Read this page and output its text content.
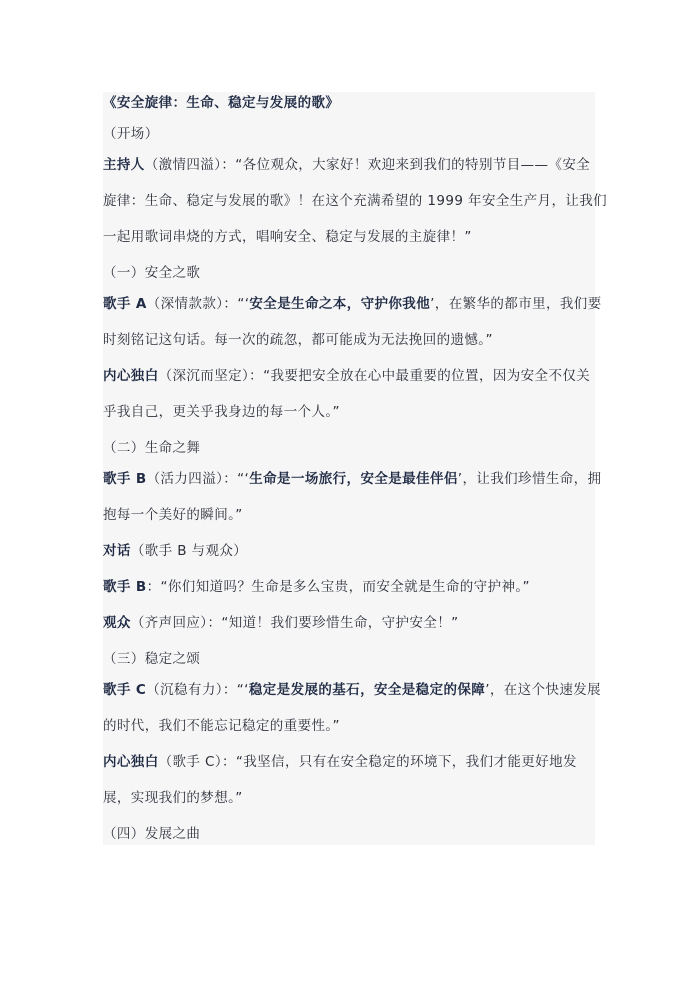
《安全旋律：生命、稳定与发展的歌》
（开场）
主持人（激情四溢）：“各位观众，大家好！欢迎来到我们的特别节目——《安全
旋律：生命、稳定与发展的歌》！在这个充满希望的 1999 年安全生产月，让我们
一起用歌词串烧的方式，唱响安全、稳定与发展的主旋律！”
（一）安全之歌
歌手 A（深情款款）：“‘安全是生命之本，守护你我他’，在繁华的都市里，我们要
时刻铭记这句话。每一次的疏忽，都可能成为无法挽回的遗憾。”
内心独白（深沉而坚定）：“我要把安全放在心中最重要的位置，因为安全不仅关
乎我自己，更关乎我身边的每一个人。”
（二）生命之舞
歌手 B（活力四溢）：“‘生命是一场旅行，安全是最佳伴侣’，让我们珍惜生命，拥
抱每一个美好的瞬间。”
对话（歌手 B 与观众）
歌手 B：“你们知道吗？生命是多么宝贵，而安全就是生命的守护神。”
观众（齐声回应）：“知道！我们要珍惜生命，守护安全！”
（三）稳定之颂
歌手 C（沉稳有力）：“‘稳定是发展的基石，安全是稳定的保障’，在这个快速发展
的时代，我们不能忘记稳定的重要性。”
内心独白（歌手 C）：“我坚信，只有在安全稳定的环境下，我们才能更好地发
展，实现我们的梦想。”
（四）发展之曲
